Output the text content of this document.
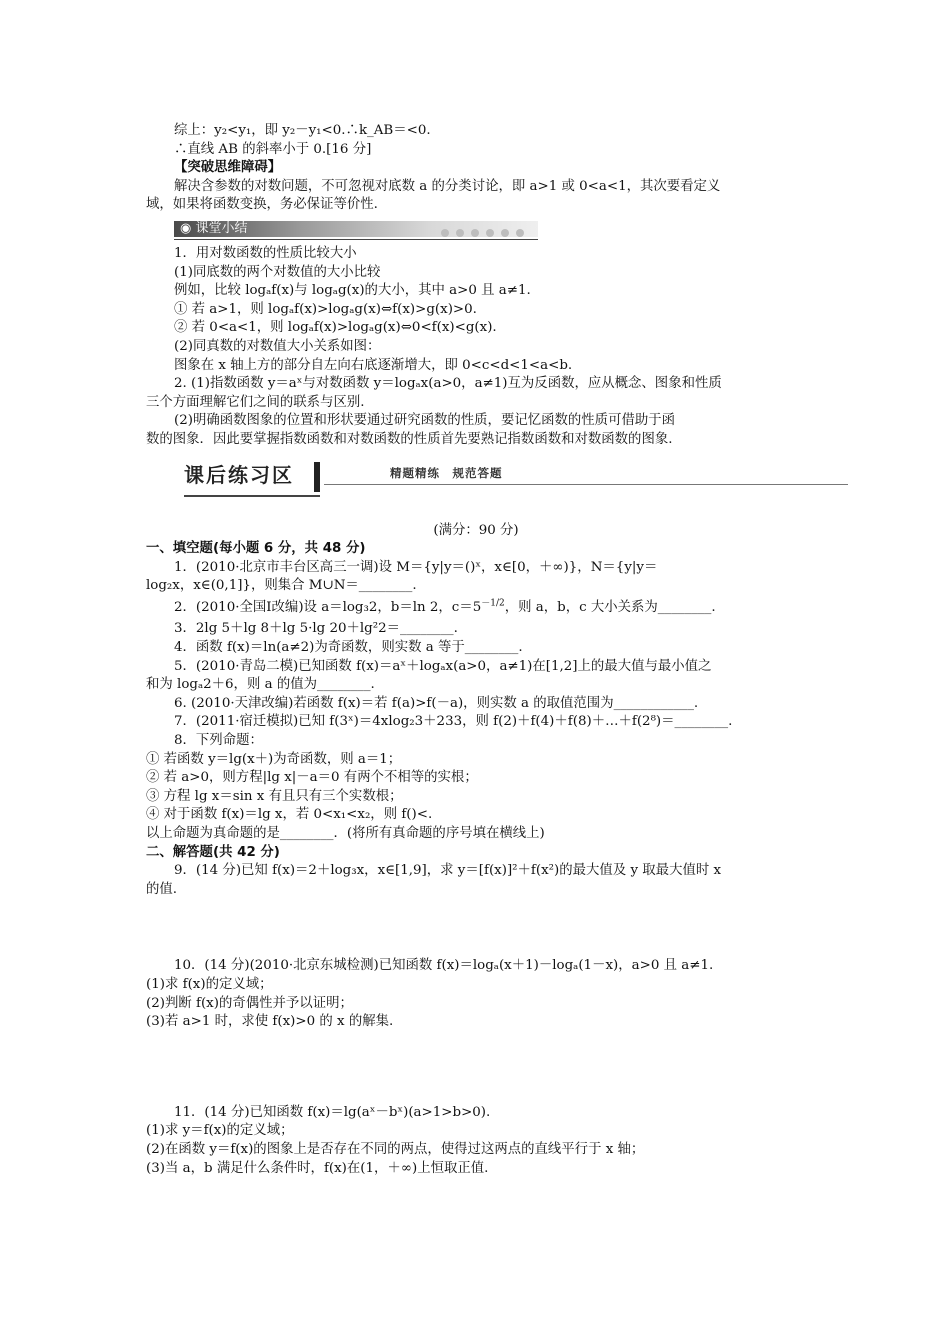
综上：y₂<y₁，即 y₂－y₁<0.∴k_AB＝<0.
∴直线 AB 的斜率小于 0.[16 分]
【突破思维障碍】
解决含参数的对数问题，不可忽视对底数 a 的分类讨论，即 a>1 或 0<a<1，其次要看定义
域，如果将函数变换，务必保证等价性.
◉ 课堂小结
1．用对数函数的性质比较大小
(1)同底数的两个对数值的大小比较
例如，比较 logₐf(x)与 logₐg(x)的大小，其中 a>0 且 a≠1.
① 若 a>1，则 logₐf(x)>logₐg(x)⇔f(x)>g(x)>0.
② 若 0<a<1，则 logₐf(x)>logₐg(x)⇔0<f(x)<g(x).
(2)同真数的对数值大小关系如图：
图象在 x 轴上方的部分自左向右底逐渐增大，即 0<c<d<1<a<b.
2. (1)指数函数 y＝aˣ与对数函数 y＝logₐx(a>0，a≠1)互为反函数，应从概念、图象和性质
三个方面理解它们之间的联系与区别.
(2)明确函数图象的位置和形状要通过研究函数的性质，要记忆函数的性质可借助于函
数的图象．因此要掌握指数函数和对数函数的性质首先要熟记指数函数和对数函数的图象.
课后练习区	精题精练　规范答题
(满分：90 分)
一、填空题(每小题 6 分，共 48 分)
1．(2010·北京市丰台区高三一调)设 M＝{y|y＝()ˣ，x∈[0，＋∞)}，N＝{y|y＝
log₂x，x∈(0,1]}，则集合 M∪N＝________.
2．(2010·全国Ⅰ改编)设 a＝log₃2，b＝ln 2，$c=5^{-1/2}$，则 a，b，c 大小关系为________.
3．2lg 5＋lg 8＋lg 5·lg 20＋lg²2＝________.
4．函数 f(x)＝ln(a≠2)为奇函数，则实数 a 等于________.
5．(2010·青岛二模)已知函数 f(x)＝aˣ＋logₐx(a>0，a≠1)在[1,2]上的最大值与最小值之
和为 logₐ2＋6，则 a 的值为________.
6. (2010·天津改编)若函数 f(x)＝若 f(a)>f(－a)，则实数 a 的取值范围为____________.
7．(2011·宿迁模拟)已知 f(3ˣ)＝4xlog₂3＋233，则 f(2)＋f(4)＋f(8)＋…＋f(2⁸)＝________.
8．下列命题：
① 若函数 y＝lg(x＋)为奇函数，则 a＝1；
② 若 a>0，则方程|lg x|－a＝0 有两个不相等的实根；
③ 方程 lg x＝sin x 有且只有三个实数根；
④ 对于函数 f(x)＝lg x，若 0<x₁<x₂，则 f()<.
以上命题为真命题的是________．(将所有真命题的序号填在横线上)
二、解答题(共 42 分)
9．(14 分)已知 f(x)＝2＋log₃x，x∈[1,9]，求 y＝[f(x)]²＋f(x²)的最大值及 y 取最大值时 x
的值.
10．(14 分)(2010·北京东城检测)已知函数 f(x)＝logₐ(x＋1)－logₐ(1－x)，a>0 且 a≠1.
(1)求 f(x)的定义域；
(2)判断 f(x)的奇偶性并予以证明；
(3)若 a>1 时，求使 f(x)>0 的 x 的解集.
11．(14 分)已知函数 f(x)＝lg(aˣ－bˣ)(a>1>b>0).
(1)求 y＝f(x)的定义域；
(2)在函数 y＝f(x)的图象上是否存在不同的两点，使得过这两点的直线平行于 x 轴；
(3)当 a，b 满足什么条件时，f(x)在(1，＋∞)上恒取正值.
